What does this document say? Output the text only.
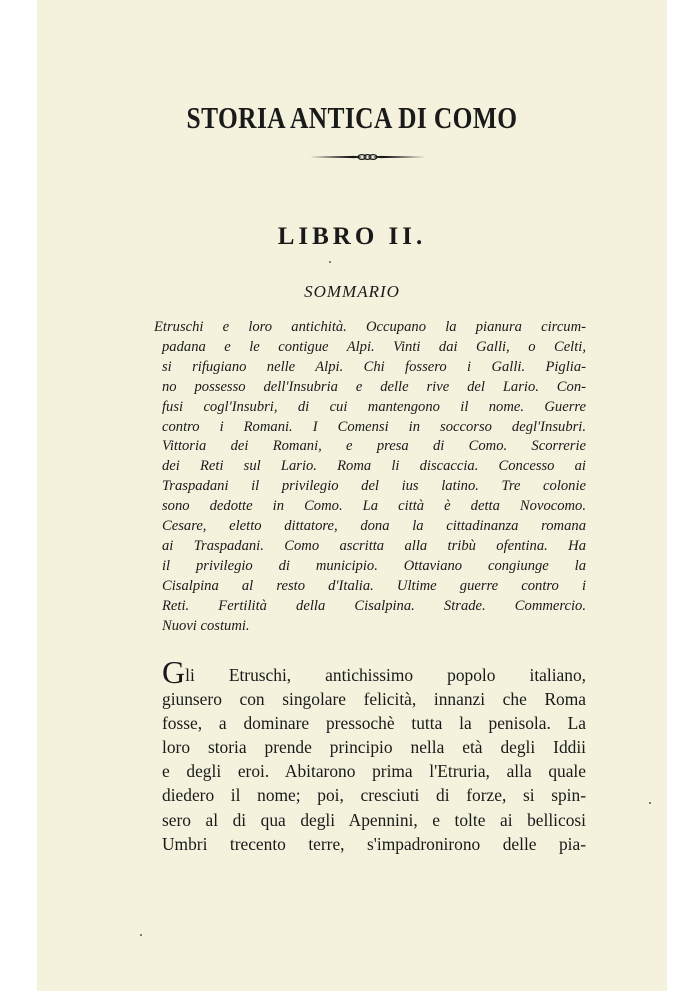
STORIA ANTICA DI COMO
LIBRO II.
SOMMARIO
Etruschi e loro antichità. Occupano la pianura circum-
padana e le contigue Alpi. Vinti dai Galli, o Celti,
si rifugiano nelle Alpi. Chi fossero i Galli. Piglia-
no possesso dell'Insubria e delle rive del Lario. Con-
fusi cogl'Insubri, di cui mantengono il nome. Guerre
contro i Romani. I Comensi in soccorso degl'Insubri.
Vittoria dei Romani, e presa di Como. Scorrerie
dei Reti sul Lario. Roma li discaccia. Concesso ai
Traspadani il privilegio del ius latino. Tre colonie
sono dedotte in Como. La città è detta Novocomo.
Cesare, eletto dittatore, dona la cittadinanza romana
ai Traspadani. Como ascritta alla tribù ofentina. Ha
il privilegio di municipio. Ottaviano congiunge la
Cisalpina al resto d'Italia. Ultime guerre contro i
Reti. Fertilità della Cisalpina. Strade. Commercio.
Nuovi costumi.
Gli Etruschi, antichissimo popolo italiano,
giunsero con singolare felicità, innanzi che Roma
fosse, a dominare pressochè tutta la penisola. La
loro storia prende principio nella età degli Iddii
e degli eroi. Abitarono prima l'Etruria, alla quale
diedero il nome; poi, cresciuti di forze, si spin-
sero al di qua degli Apennini, e tolte ai bellicosi
Umbri trecento terre, s'impadronirono delle pia-
